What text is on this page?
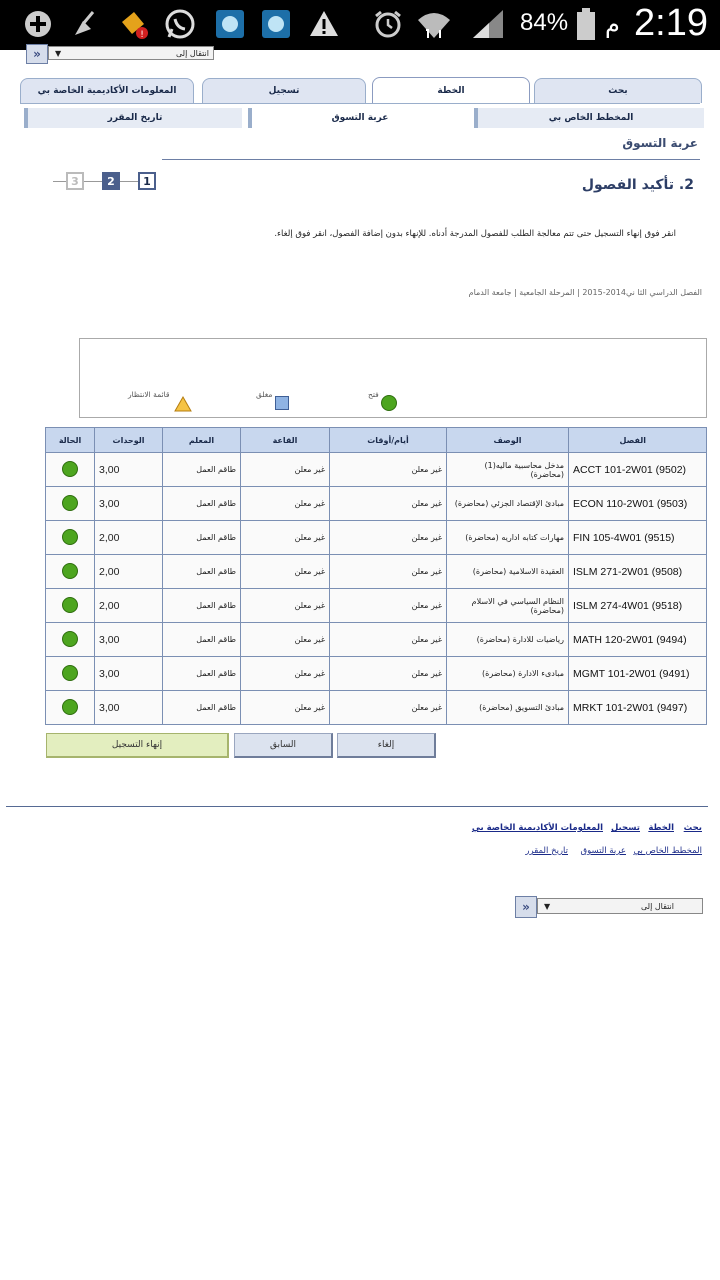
!	84% م 2:19
»	انتقال إلى
▼
بحث
الخطة
تسجيل
المعلومات الأكاديمية الخاصة بي
المخطط الخاص بي
عربة التسوق
تاريخ المقرر
عربة التسوق
3	2	1	2. تأكيد الفصول
انقر فوق إنهاء التسجيل حتى تتم معالجة الطلب للفصول المدرجة أدناه. للإنهاء بدون إضافة الفصول، انقر فوق إلغاء.
الفصل الدراسي الثا ني2014-2015 | المرحلة الجامعية | جامعة الدمام
فتح
مغلق
قائمة الانتظار
الحالة	الوحدات	المعلم	القاعة	أيام/أوقات	الوصف	الفصل
	3,00	طاقم العمل	غير معلن	غير معلن	مدخل محاسبية ماليه(1) (محاضرة)	ACCT 101-2W01 (9502)
	3,00	طاقم العمل	غير معلن	غير معلن	مبادئ الإقتصاد الجزئي (محاضرة)	ECON 110-2W01 (9503)
	2,00	طاقم العمل	غير معلن	غير معلن	مهارات كتابه اداريه (محاضرة)	FIN 105-4W01 (9515)
	2,00	طاقم العمل	غير معلن	غير معلن	العقيدة الاسلامية (محاضرة)	ISLM 271-2W01 (9508)
	2,00	طاقم العمل	غير معلن	غير معلن	النظام السياسي في الاسلام (محاضرة)	ISLM 274-4W01 (9518)
	3,00	طاقم العمل	غير معلن	غير معلن	رياضيات للادارة (محاضرة)	MATH 120-2W01 (9494)
	3,00	طاقم العمل	غير معلن	غير معلن	مبادىء الادارة (محاضرة)	MGMT 101-2W01 (9491)
	3,00	طاقم العمل	غير معلن	غير معلن	مبادئ التسويق (محاضرة)	MRKT 101-2W01 (9497)
إلغاء
السابق
إنهاء التسجيل
بحث
الخطة
تسجيل
المعلومات الأكاديمية الخاصة بي
المخطط الخاص بي
عربة التسوق
تاريخ المقرر
»	انتقال إلى
▼
